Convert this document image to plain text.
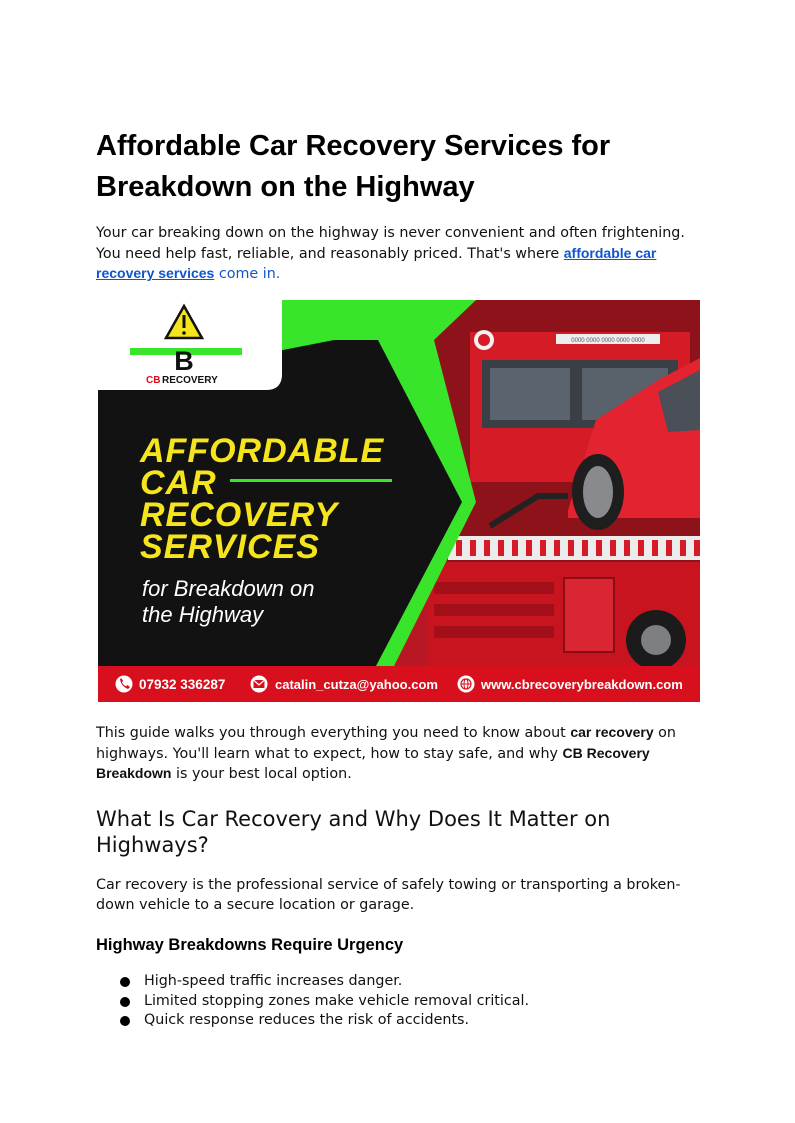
Affordable Car Recovery Services for Breakdown on the Highway

Your car breaking down on the highway is never convenient and often frightening. You need help fast, reliable, and reasonably priced. That's where affordable car recovery services come in.

0000 0000 0000 0000 0000
B
CB RECOVERY
AFFORDABLE
CAR
RECOVERY
SERVICES
for Breakdown on
the Highway
07932 336287	catalin_cutza@yahoo.com	www.cbrecoverybreakdown.com

This guide walks you through everything you need to know about car recovery on highways. You'll learn what to expect, how to stay safe, and why CB Recovery Breakdown is your best local option.

What Is Car Recovery and Why Does It Matter on Highways?

Car recovery is the professional service of safely towing or transporting a broken-down vehicle to a secure location or garage.

Highway Breakdowns Require Urgency
High-speed traffic increases danger.
Limited stopping zones make vehicle removal critical.
Quick response reduces the risk of accidents.
